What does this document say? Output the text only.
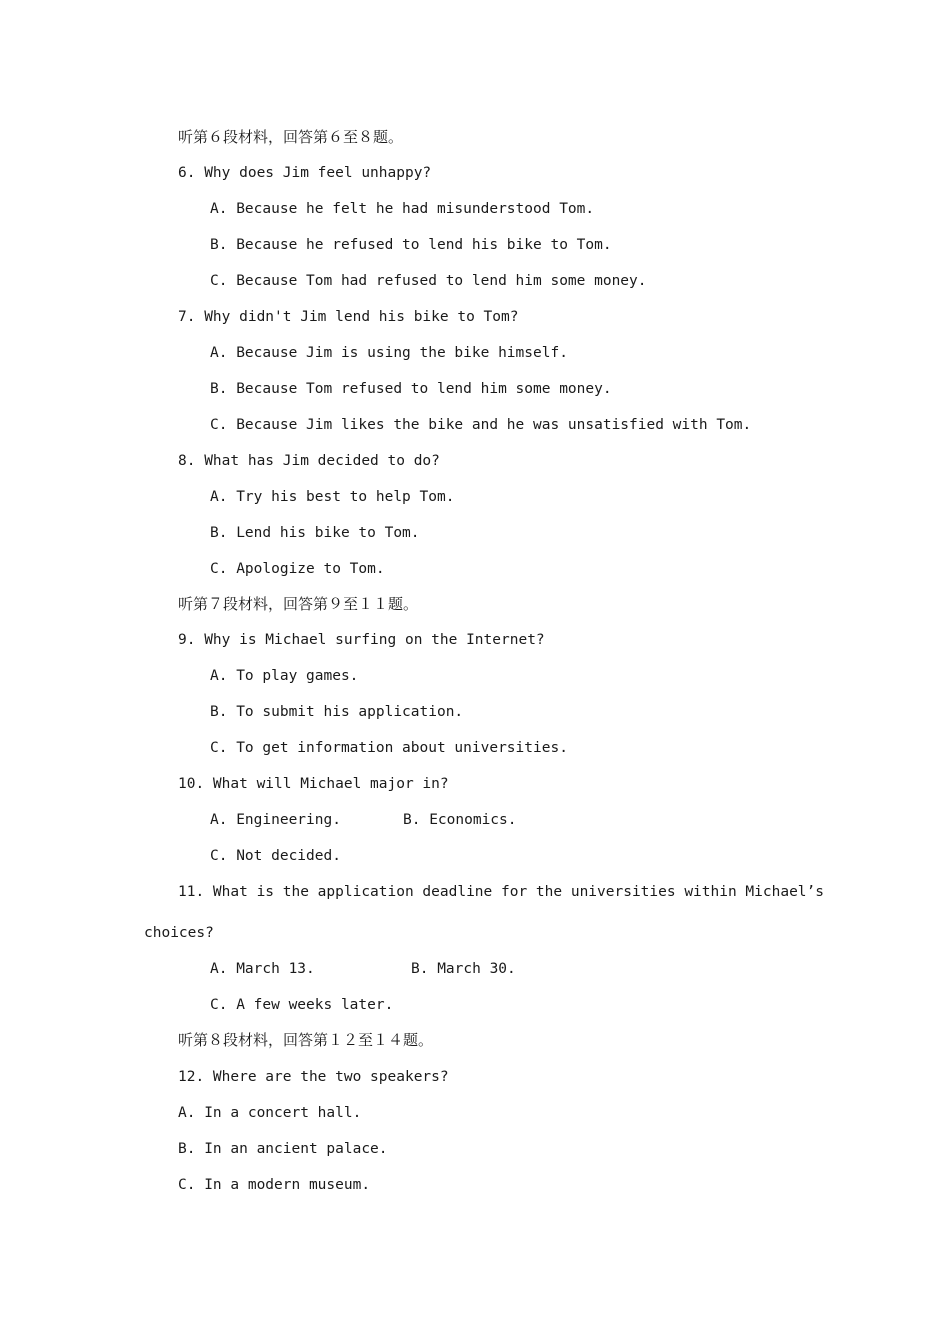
听第６段材料，回答第６至８题。
6. Why does Jim feel unhappy?
A. Because he felt he had misunderstood Tom.
B. Because he refused to lend his bike to Tom.
C. Because Tom had refused to lend him some money.
7. Why didn't Jim lend his bike to Tom?
A. Because Jim is using the bike himself.
B. Because Tom refused to lend him some money.
C. Because Jim likes the bike and he was unsatisfied with Tom.
8. What has Jim decided to do?
A. Try his best to help Tom.
B. Lend his bike to Tom.
C. Apologize to Tom.
听第７段材料，回答第９至１１题。
9. Why is Michael surfing on the Internet?
A. To play games.
B. To submit his application.
C. To get information about universities.
10. What will Michael major in?
A. Engineering.	B. Economics.
C. Not decided.
11. What is the application deadline for the universities within Michael’s
choices?
A. March 13.	B. March 30.
C. A few weeks later.
听第８段材料，回答第１２至１４题。
12. Where are the two speakers?
A. In a concert hall.
B. In an ancient palace.
C. In a modern museum.
